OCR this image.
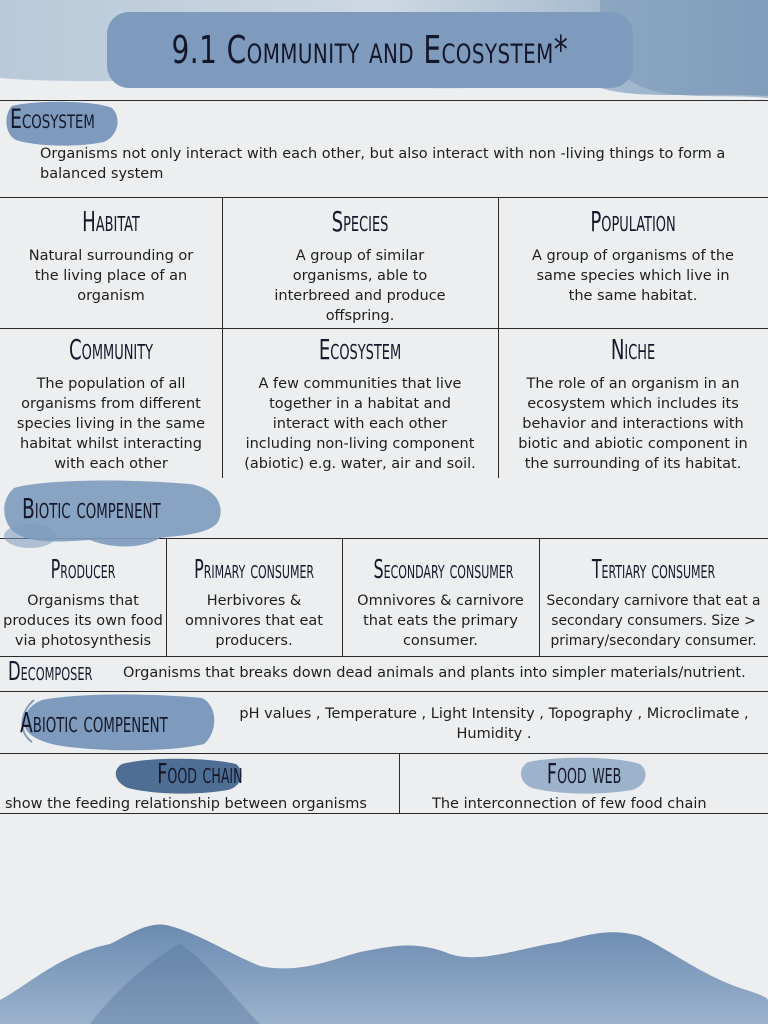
9.1 Community and Ecosystem*
Ecosystem
Organisms not only interact with each other, but also interact with non -living things to form a balanced system
Habitat
Natural surrounding or the living place of an organism
Species
A group of similar organisms, able to interbreed and produce offspring.
Population
A group of organisms of the same species which live in the same habitat.
Community
The population of all organisms from different species living in the same habitat whilst interacting with each other
Ecosystem
A few communities that live together in a habitat and interact with each other including non-living component (abiotic) e.g. water, air and soil.
Niche
The role of an organism in an ecosystem which includes its behavior and interactions with biotic and abiotic component in the surrounding of its habitat.
Biotic compenent
Producer
Organisms that produces its own food via photosynthesis
Primary consumer
Herbivores & omnivores that eat producers.
Secondary consumer
Omnivores & carnivore that eats the primary consumer.
Tertiary consumer
Secondary carnivore that eat a secondary consumers. Size > primary/secondary consumer.
Decomposer Organisms that breaks down dead animals and plants into simpler materials/nutrient.
Abiotic compenent	pH values , Temperature , Light Intensity , Topography , Microclimate , Humidity .
Food chain
show the feeding relationship between organisms
Food web
The interconnection of few food chain
